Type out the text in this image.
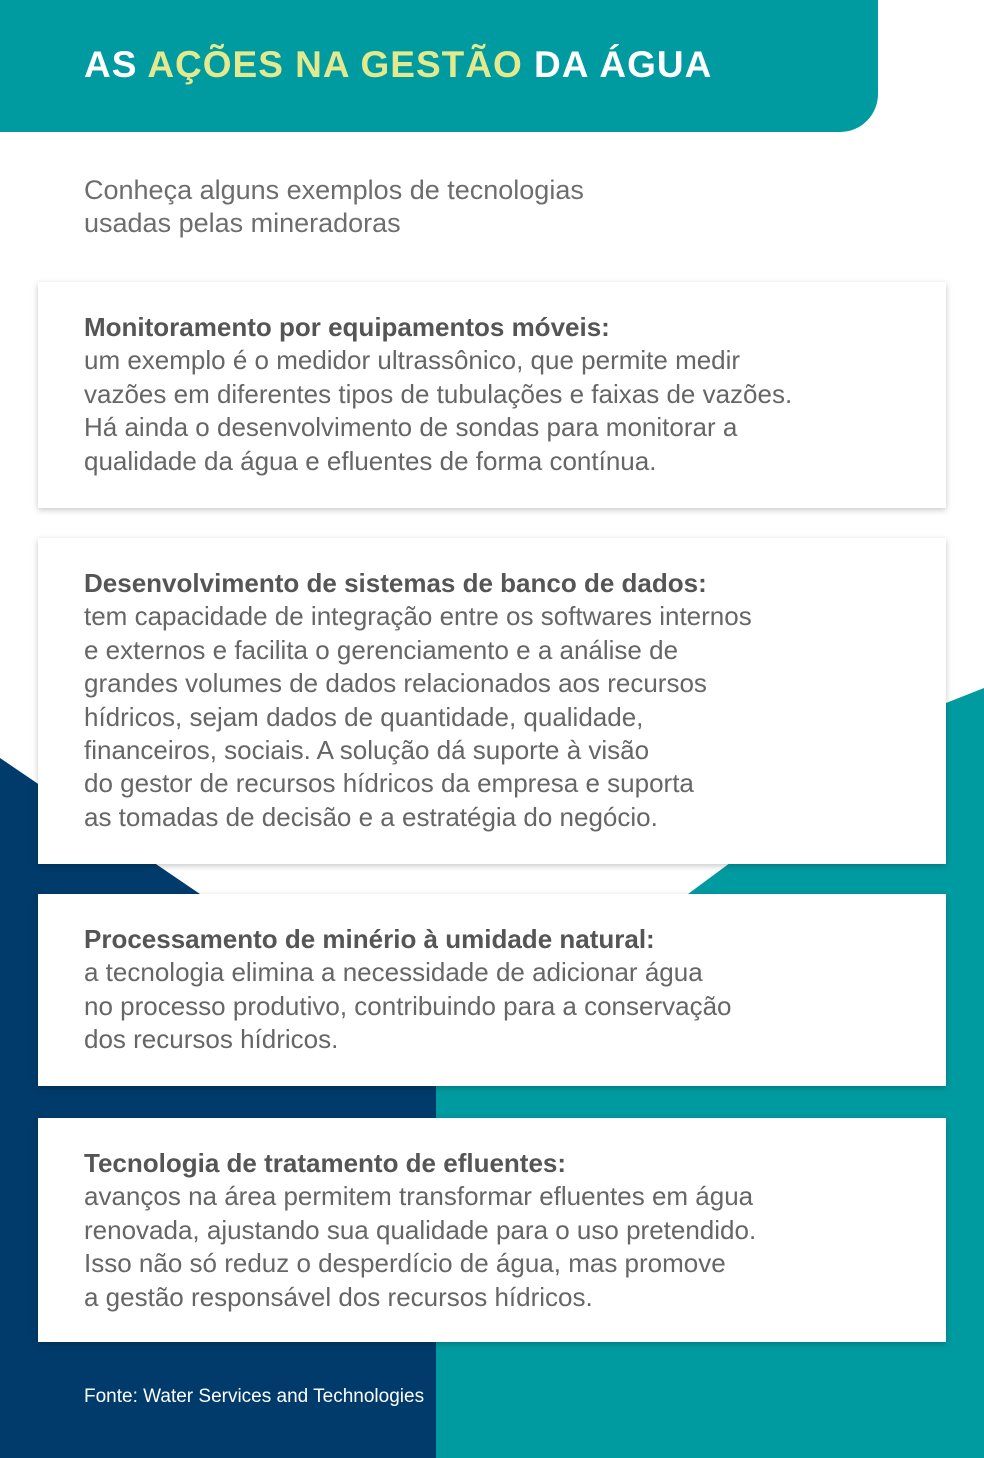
AS AÇÕES NA GESTÃO DA ÁGUA

Conheça alguns exemplos de tecnologias
usadas pelas mineradoras

Monitoramento por equipamentos móveis:

um exemplo é o medidor ultrassônico, que permite medir
vazões em diferentes tipos de tubulações e faixas de vazões.
Há ainda o desenvolvimento de sondas para monitorar a
qualidade da água e efluentes de forma contínua.

Desenvolvimento de sistemas de banco de dados:

tem capacidade de integração entre os softwares internos
e externos e facilita o gerenciamento e a análise de
grandes volumes de dados relacionados aos recursos
hídricos, sejam dados de quantidade, qualidade,
financeiros, sociais. A solução dá suporte à visão
do gestor de recursos hídricos da empresa e suporta
as tomadas de decisão e a estratégia do negócio.

Processamento de minério à umidade natural:

a tecnologia elimina a necessidade de adicionar água
no processo produtivo, contribuindo para a conservação
dos recursos hídricos.

Tecnologia de tratamento de efluentes:

avanços na área permitem transformar efluentes em água
renovada, ajustando sua qualidade para o uso pretendido.
Isso não só reduz o desperdício de água, mas promove
a gestão responsável dos recursos hídricos.

Fonte: Water Services and Technologies
